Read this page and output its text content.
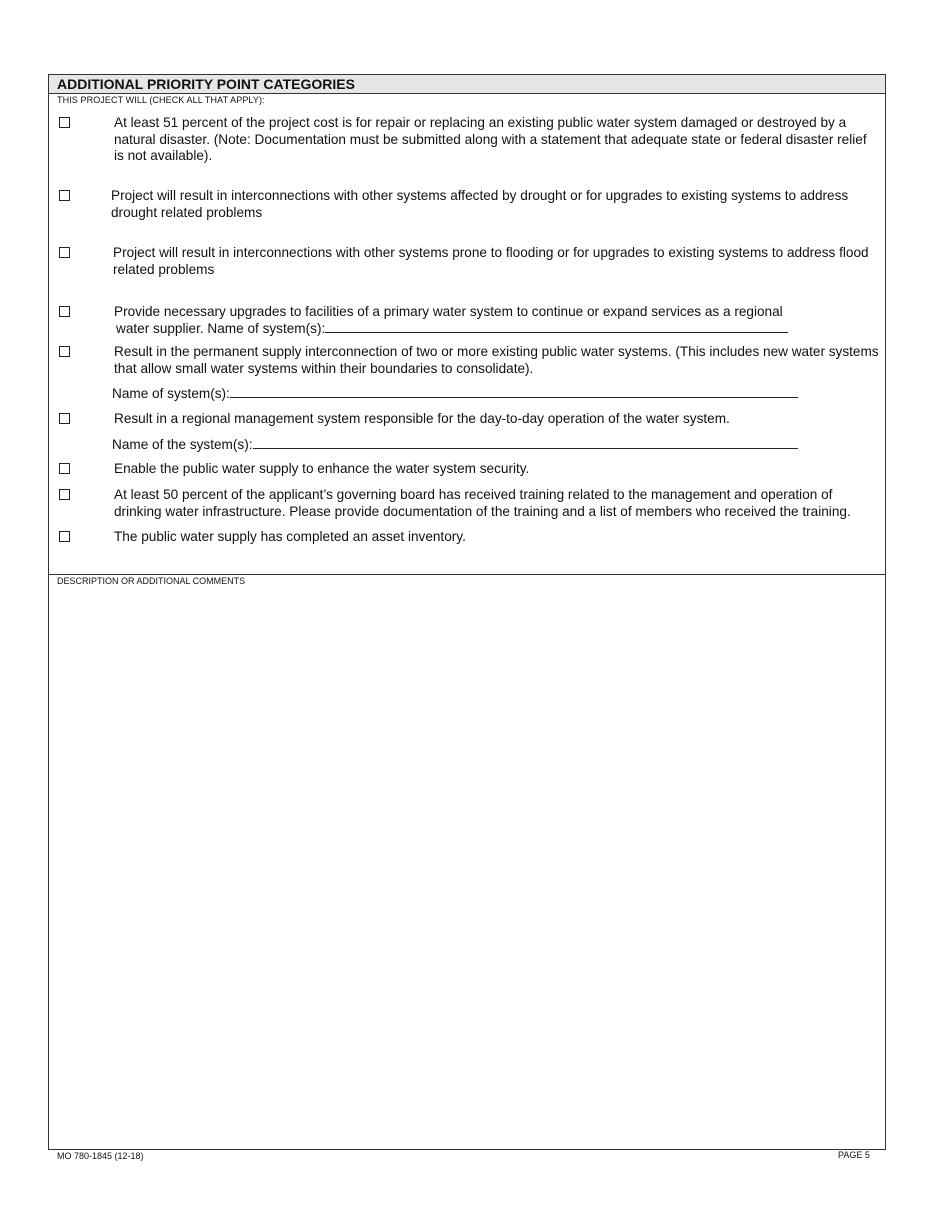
ADDITIONAL PRIORITY POINT CATEGORIES
THIS PROJECT WILL (CHECK ALL THAT APPLY):
At least 51 percent of the project cost is for repair or replacing an existing public water system damaged or destroyed by a natural disaster. (Note: Documentation must be submitted along with a statement that adequate state or federal disaster relief is not available).
Project will result in interconnections with other systems affected by drought or for upgrades to existing systems to address drought related problems
Project will result in interconnections with other systems prone to flooding or for upgrades to existing systems to address flood related problems
Provide necessary upgrades to facilities of a primary water system to continue or expand services as a regional
water supplier. Name of system(s):
Result in the permanent supply interconnection of two or more existing public water systems. (This includes new water systems that allow small water systems within their boundaries to consolidate).
Name of system(s):
Result in a regional management system responsible for the day-to-day operation of the water system.
Name of the system(s):
Enable the public water supply to enhance the water system security.
At least 50 percent of the applicant’s governing board has received training related to the management and operation of drinking water infrastructure. Please provide documentation of the training and a list of members who received the training.
The public water supply has completed an asset inventory.
DESCRIPTION OR ADDITIONAL COMMENTS
MO 780-1845 (12-18)	PAGE 5
